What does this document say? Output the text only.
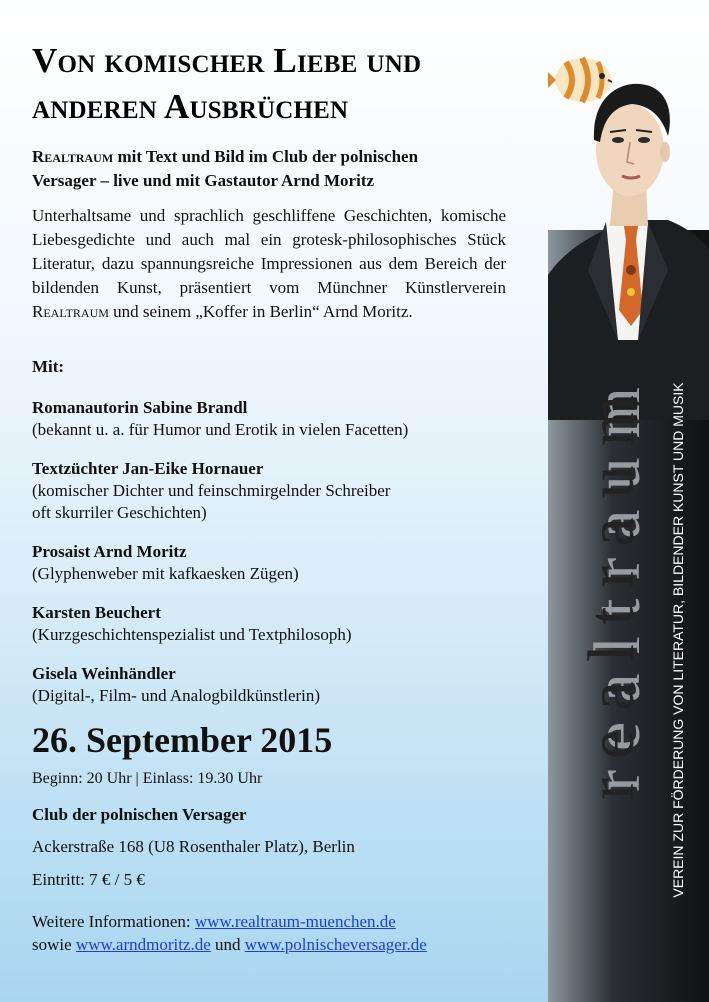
Von komischer Liebe und
anderen Ausbrüchen

Realtraum mit Text und Bild im Club der polnischen
Versager – live und mit Gastautor Arnd Moritz

Unterhaltsame und sprachlich geschliffene Geschichten, komische Liebesgedichte und auch mal ein grotesk-philosophisches Stück Literatur, dazu spannungsreiche Impressionen aus dem Bereich der bildenden Kunst, präsentiert vom Münchner Künstlerverein Realtraum und seinem „Koffer in Berlin“ Arnd Moritz.

Mit:

Romanautorin Sabine Brandl
(bekannt u. a. für Humor und Erotik in vielen Facetten)
Textzüchter Jan-Eike Hornauer
(komischer Dichter und feinschmirgelnder Schreiber
oft skurriler Geschichten)
Prosaist Arnd Moritz
(Glyphenweber mit kafkaesken Zügen)
Karsten Beuchert
(Kurzgeschichtenspezialist und Textphilosoph)
Gisela Weinhändler
(Digital-, Film- und Analogbildkünstlerin)

26. September 2015

Beginn: 20 Uhr | Einlass: 19.30 Uhr

Club der polnischen Versager

Ackerstraße 168 (U8 Rosenthaler Platz), Berlin

Eintritt: 7 € / 5 €

Weitere Informationen: www.realtraum-muenchen.de
sowie www.arndmoritz.de und www.polnischeversager.de

realtraum VEREIN ZUR FÖRDERUNG VON LITERATUR, BILDENDER KUNST UND MUSIK
